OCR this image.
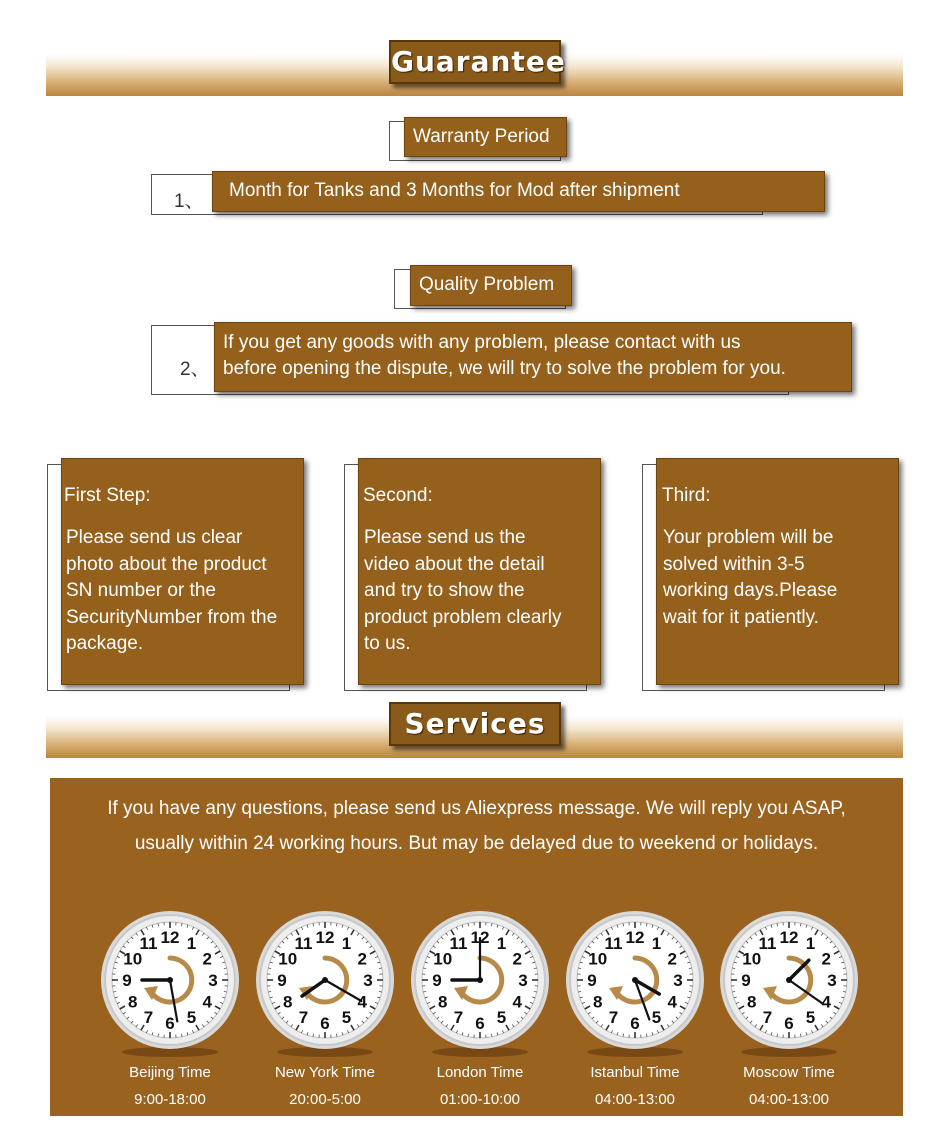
Guarantee
Warranty Period
1、
Month for Tanks and 3 Months for Mod after shipment
Quality Problem
2、
If you get any goods with any problem, please contact with us
before opening the dispute, we will try to solve the problem for you.
First Step:
Please send us clear
photo about the product
SN number or the
SecurityNumber from the
package.
Second:
Please send us the
video about the detail
and try to show the
product problem clearly
to us.
Third:
Your problem will be
solved within 3-5
working days.Please
wait for it patiently.
Services
If you have any questions, please send us Aliexpress message. We will reply you ASAP,
usually within 24 working hours. But may be delayed due to weekend or holidays.
12 1
2
3
4
5
6
7
8
9
10
11
Beijing Time
9:00-18:00
12 1
2
3
4
5
6
7
8
9
10
11
New York Time
20:00-5:00
12 1
2
3
4
5
6
7
8
9
10
11
London Time
01:00-10:00
12 1
2
3
4
5
6
7
8
9
10
11
Istanbul Time
04:00-13:00
12 1
2
3
4
5
6
7
8
9
10
11
Moscow Time
04:00-13:00
